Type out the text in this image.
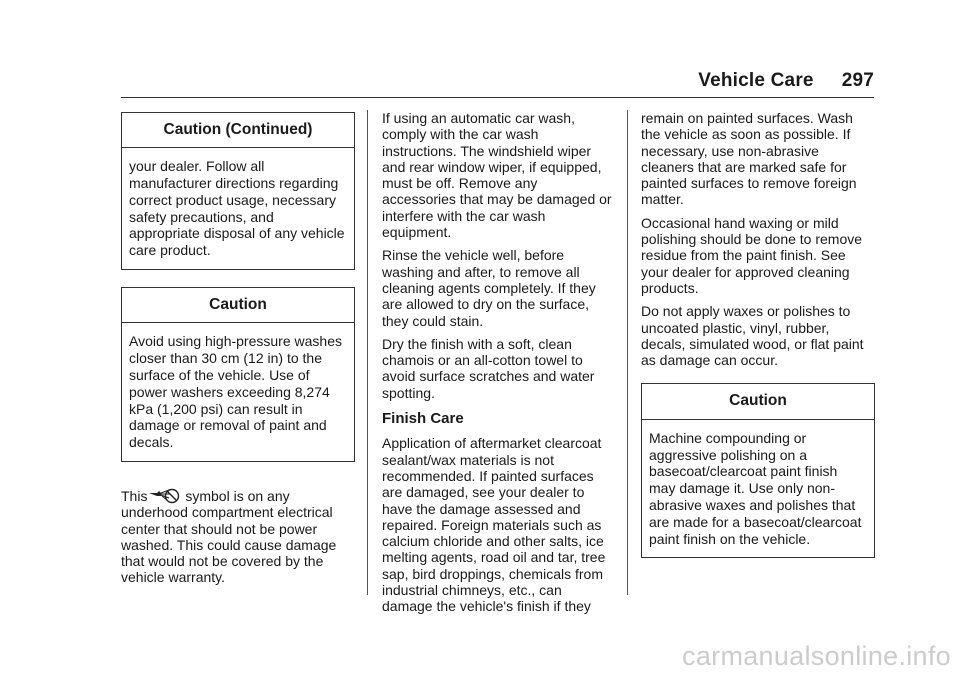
Vehicle Care 297
Caution (Continued)
your dealer. Follow all manufacturer directions regarding correct product usage, necessary safety precautions, and appropriate disposal of any vehicle care product.
Caution
Avoid using high-pressure washes closer than 30 cm (12 in) to the surface of the vehicle. Use of power washers exceeding 8,274 kPa (1,200 psi) can result in damage or removal of paint and decals.

This
symbol is on any underhood compartment electrical center that should not be power washed. This could cause damage that would not be covered by the vehicle warranty.

If using an automatic car wash, comply with the car wash instructions. The windshield wiper and rear window wiper, if equipped, must be off. Remove any accessories that may be damaged or interfere with the car wash equipment.

Rinse the vehicle well, before washing and after, to remove all cleaning agents completely. If they are allowed to dry on the surface, they could stain.

Dry the finish with a soft, clean chamois or an all-cotton towel to avoid surface scratches and water spotting.

Finish Care

Application of aftermarket clearcoat sealant/wax materials is not recommended. If painted surfaces are damaged, see your dealer to have the damage assessed and repaired. Foreign materials such as calcium chloride and other salts, ice melting agents, road oil and tar, tree sap, bird droppings, chemicals from industrial chimneys, etc., can damage the vehicle's finish if they

remain on painted surfaces. Wash the vehicle as soon as possible. If necessary, use non-abrasive cleaners that are marked safe for painted surfaces to remove foreign matter.

Occasional hand waxing or mild polishing should be done to remove residue from the paint finish. See your dealer for approved cleaning products.

Do not apply waxes or polishes to uncoated plastic, vinyl, rubber, decals, simulated wood, or flat paint as damage can occur.

Caution
Machine compounding or aggressive polishing on a basecoat/clearcoat paint finish may damage it. Use only non-abrasive waxes and polishes that are made for a basecoat/clearcoat paint finish on the vehicle.
carmanualsonline.info
